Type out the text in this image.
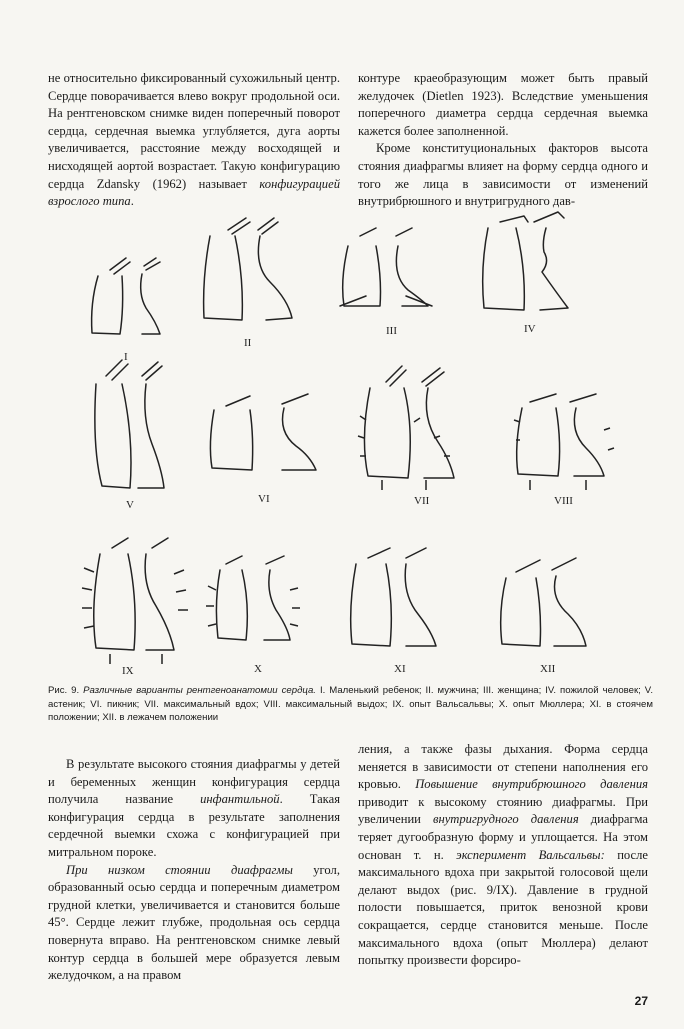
не относительно фиксированный сухожильный центр. Сердце поворачивается влево вокруг продольной оси. На рентгеновском снимке виден поперечный поворот сердца, сердечная выемка углубляется, дуга аорты увеличивается, расстояние между восходящей и нисходящей аортой возрастает. Такую конфигурацию сердца Zdansky (1962) называет конфигурацией взрослого типа.

контуре краеобразующим может быть правый желудочек (Dietlen 1923). Вследствие уменьшения поперечного диаметра сердца сердечная выемка кажется более заполненной.

Кроме конституциональных факторов высота стояния диафрагмы влияет на форму сердца одного и того же лица в зависимости от изменений внутрибрюшного и внутригрудного дав-

I
II
III	IV
V	VI	VII	VIII
IX	X	XI	XII
Рис. 9. Различные варианты рентгеноанатомии сердца. I. Маленький ребенок; II. мужчина; III. женщина; IV. пожилой человек; V. астеник; VI. пикник; VII. максимальный вдох; VIII. максимальный выдох; IX. опыт Вальсальвы; X. опыт Мюллера; XI. в стоячем положении; XII. в лежачем положении

В результате высокого стояния диафрагмы у детей и беременных женщин конфигурация сердца получила название инфантильной. Такая конфигурация сердца в результате заполнения сердечной выемки схожа с конфигурацией при митральном пороке.

При низком стоянии диафрагмы угол, образованный осью сердца и поперечным диаметром грудной клетки, увеличивается и становится больше 45°. Сердце лежит глубже, продольная ось сердца повернута вправо. На рентгеновском снимке левый контур сердца в большей мере образуется левым желудочком, а на правом

ления, а также фазы дыхания. Форма сердца меняется в зависимости от степени наполнения его кровью. Повышение внутрибрюшного давления приводит к высокому стоянию диафрагмы. При увеличении внутригрудного давления диафрагма теряет дугообразную форму и уплощается. На этом основан т. н. эксперимент Вальсальвы: после максимального вдоха при закрытой голосовой щели делают выдох (рис. 9/IX). Давление в грудной полости повышается, приток венозной крови сокращается, сердце становится меньше. После максимального вдоха (опыт Мюллера) делают попытку произвести форсиро-

27
